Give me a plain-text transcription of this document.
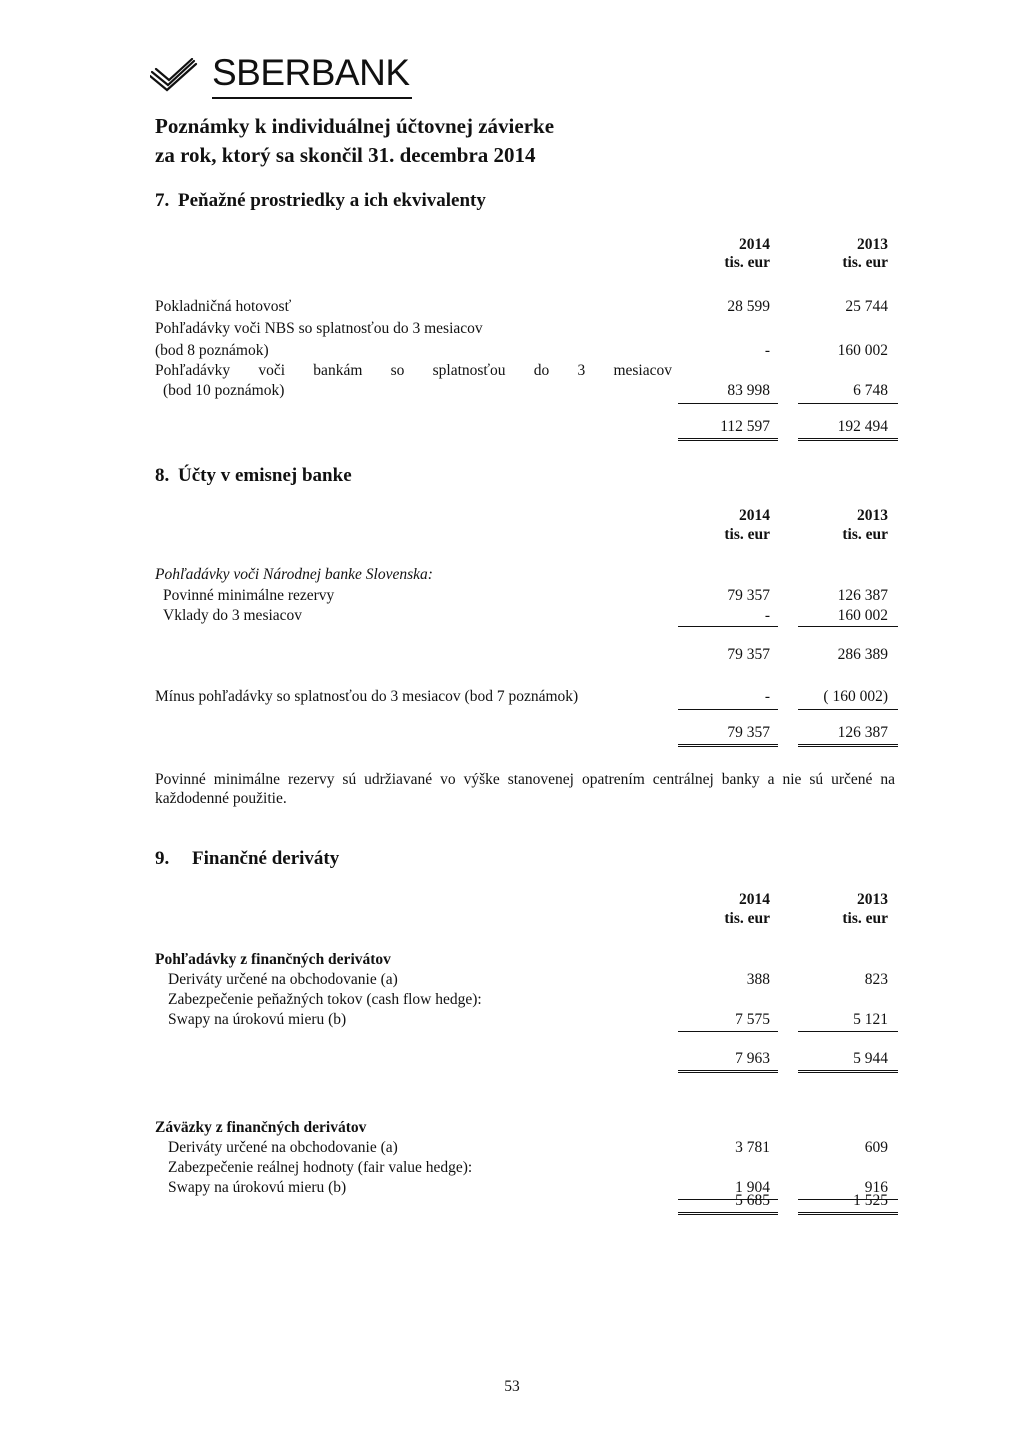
SBERBANK
Poznámky k individuálnej účtovnej závierke
za rok, ktorý sa skončil 31. decembra 2014
7. Peňažné prostriedky a ich ekvivalenty
2014	2013
tis. eur	tis. eur
Pokladničná hotovosť	28 599	25 744
Pohľadávky voči NBS so splatnosťou do 3 mesiacov
(bod 8 poznámok)	-	160 002
Pohľadávky voči bankám so splatnosťou do 3 mesiacov
(bod 10 poznámok)	83 998	6 748
112 597	192 494
8. Účty v emisnej banke
2014	2013
tis. eur	tis. eur
Pohľadávky voči Národnej banke Slovenska:
Povinné minimálne rezervy	79 357	126 387
Vklady do 3 mesiacov	-	160 002
79 357	286 389
Mínus pohľadávky so splatnosťou do 3 mesiacov (bod 7 poznámok)	-	( 160 002)
79 357	126 387
Povinné minimálne rezervy sú udržiavané vo výške stanovenej opatrením centrálnej banky a nie sú určené na každodenné použitie.
9. Finančné deriváty
2014	2013
tis. eur	tis. eur
Pohľadávky z finančných derivátov
Deriváty určené na obchodovanie (a)	388	823
Zabezpečenie peňažných tokov (cash flow hedge):
Swapy na úrokovú mieru (b)	7 575	5 121
7 963	5 944
Záväzky z finančných derivátov
Deriváty určené na obchodovanie (a)	3 781	609
Zabezpečenie reálnej hodnoty (fair value hedge):
Swapy na úrokovú mieru (b)	1 904	916
5 685	1 525
53
